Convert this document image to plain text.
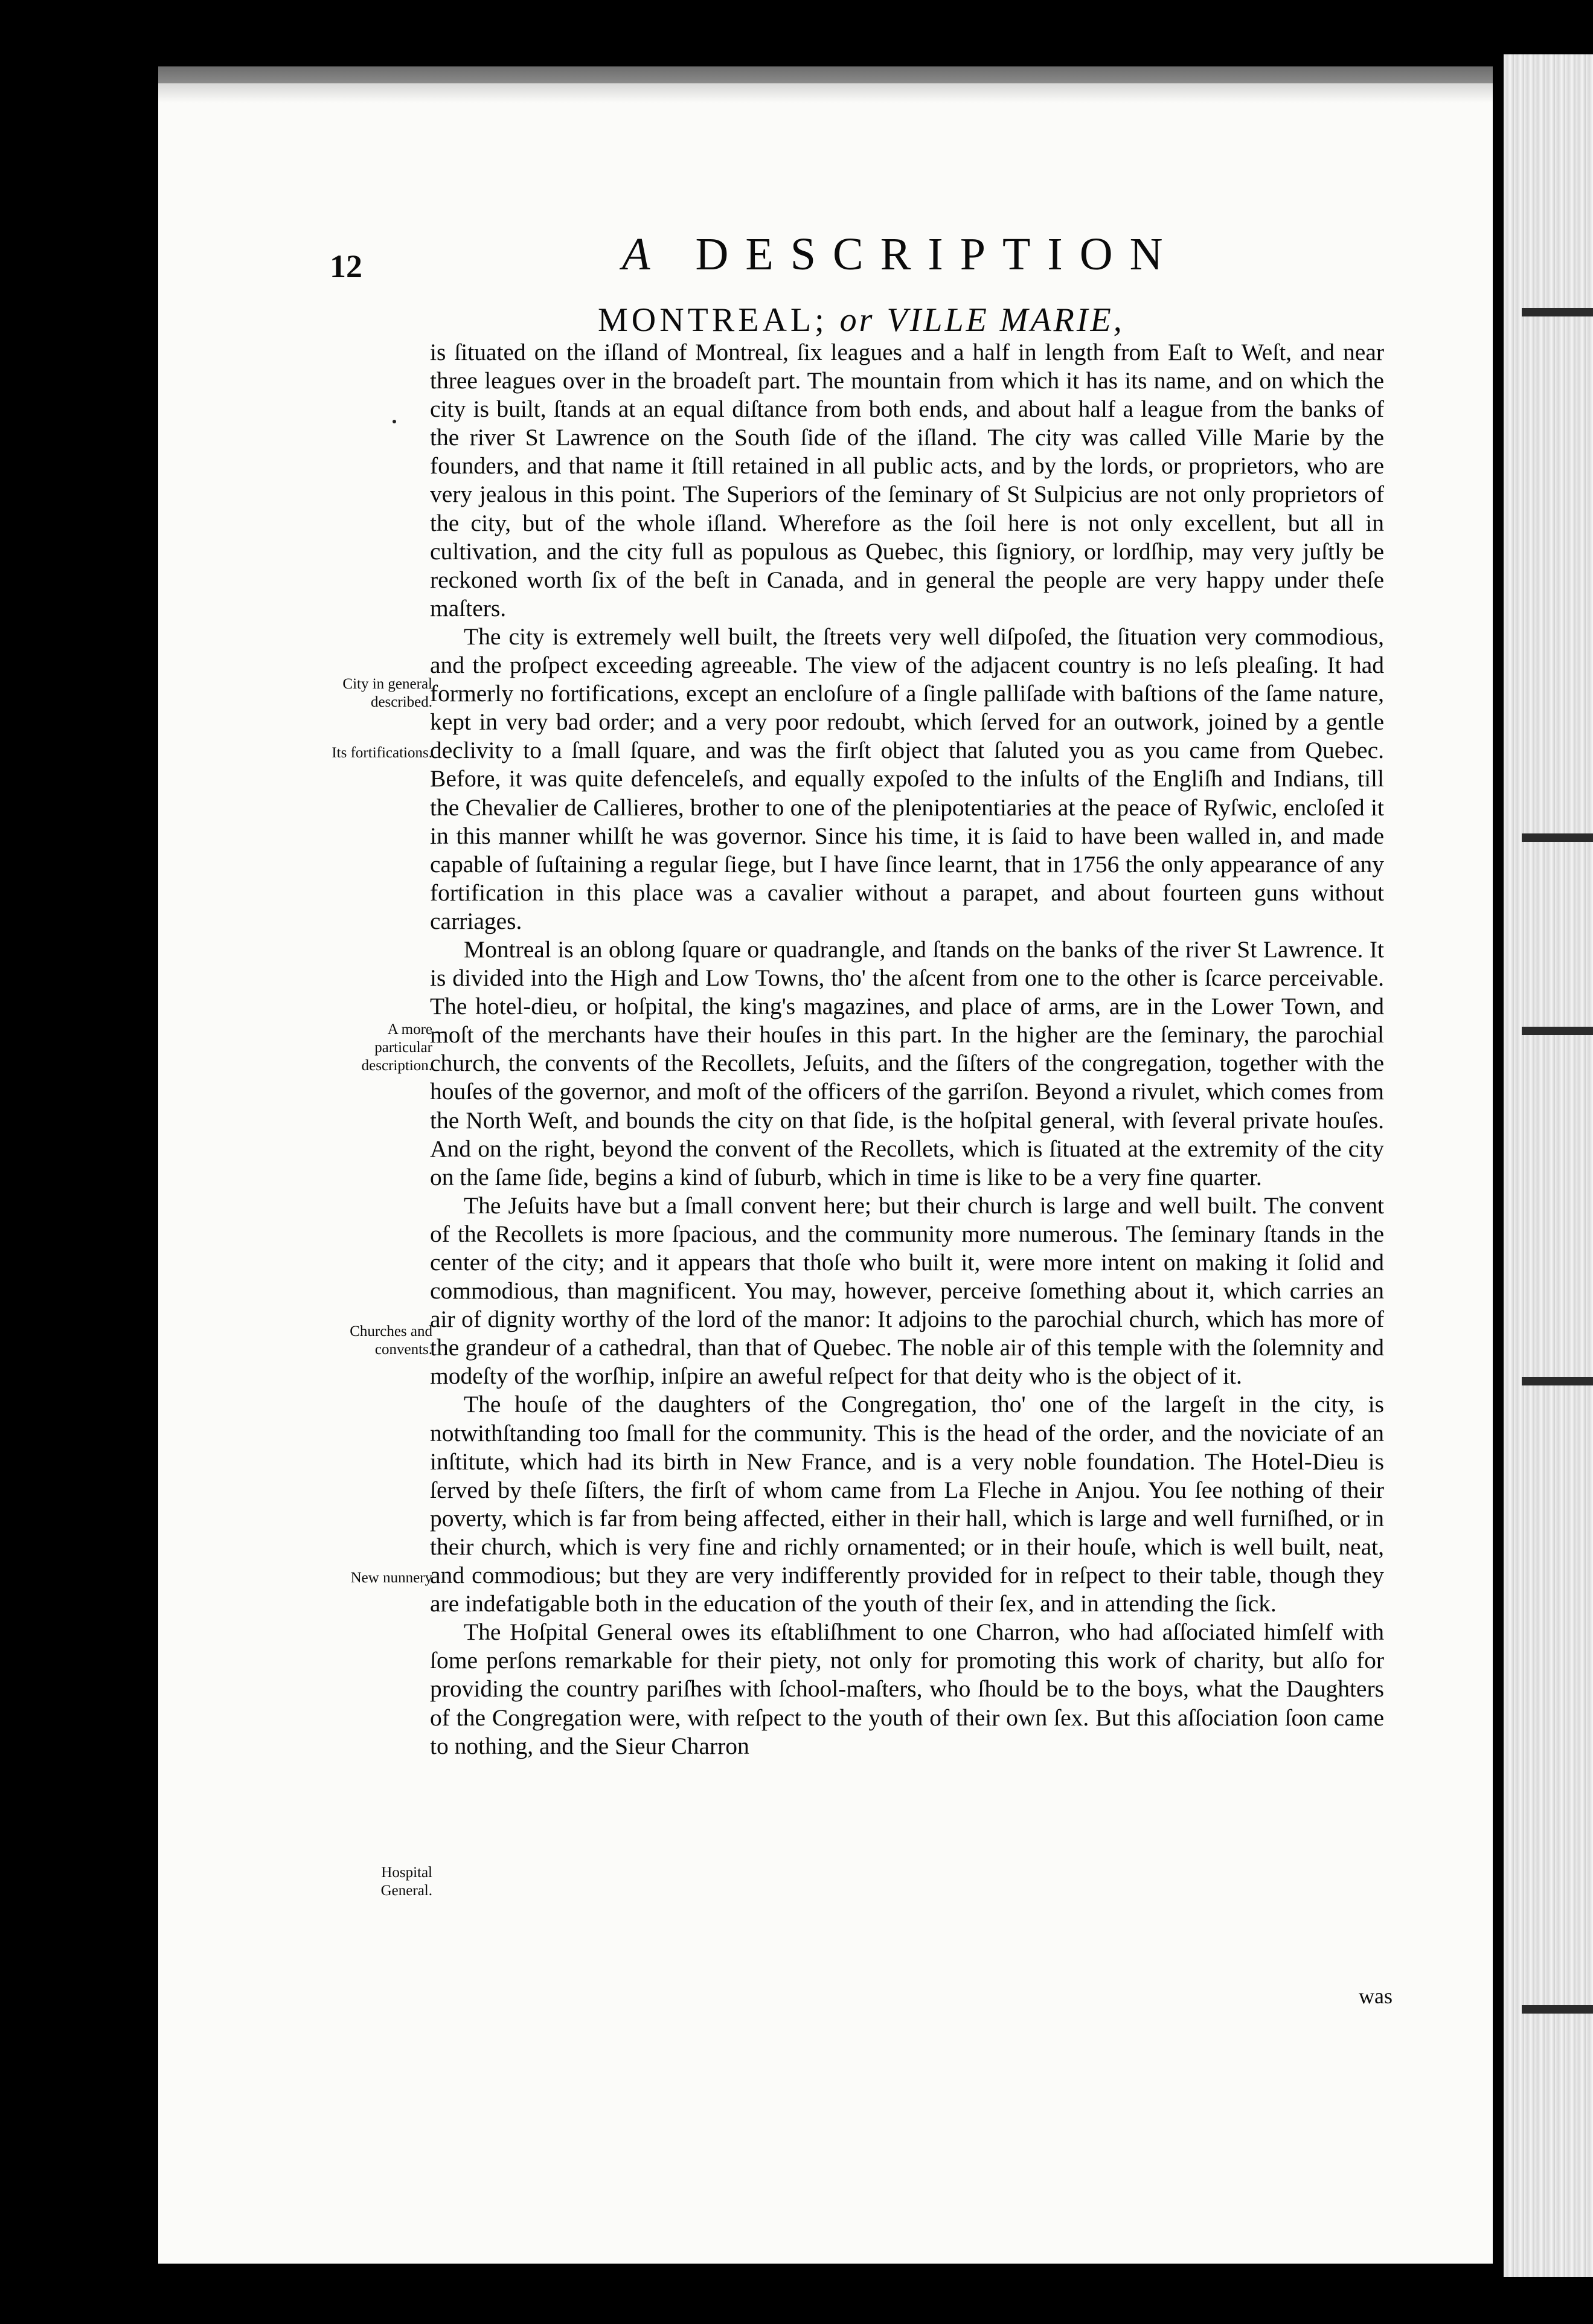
12	A DESCRIPTION
MONTREAL; or VILLE MARIE,
City in general described.
Its fortifications.
A more particular description.
Churches and convents.
New nunnery
Hospital General.

is ſituated on the iſland of Montreal, ſix leagues and a half in length from Eaſt to Weſt, and near three leagues over in the broadeſt part. The mountain from which it has its name, and on which the city is built, ſtands at an equal diſtance from both ends, and about half a league from the banks of the river St Lawrence on the South ſide of the iſland. The city was called Ville Marie by the founders, and that name it ſtill retained in all public acts, and by the lords, or proprietors, who are very jealous in this point. The Superiors of the ſeminary of St Sulpicius are not only proprietors of the city, but of the whole iſland. Wherefore as the ſoil here is not only excellent, but all in cultivation, and the city full as populous as Quebec, this ſigniory, or lordſhip, may very juſtly be reckoned worth ſix of the beſt in Canada, and in general the people are very happy under theſe maſters.

The city is extremely well built, the ſtreets very well diſpoſed, the ſituation very commodious, and the proſpect exceeding agreeable. The view of the adjacent country is no leſs pleaſing. It had formerly no fortifications, except an encloſure of a ſingle palliſade with baſtions of the ſame nature, kept in very bad order; and a very poor redoubt, which ſerved for an outwork, joined by a gentle declivity to a ſmall ſquare, and was the firſt object that ſaluted you as you came from Quebec. Before, it was quite defenceleſs, and equally expoſed to the inſults of the Engliſh and Indians, till the Chevalier de Callieres, brother to one of the plenipotentiaries at the peace of Ryſwic, encloſed it in this manner whilſt he was governor. Since his time, it is ſaid to have been walled in, and made capable of ſuſtaining a regular ſiege, but I have ſince learnt, that in 1756 the only appearance of any fortification in this place was a cavalier without a parapet, and about fourteen guns without carriages.

Montreal is an oblong ſquare or quadrangle, and ſtands on the banks of the river St Lawrence. It is divided into the High and Low Towns, tho' the aſcent from one to the other is ſcarce perceivable. The hotel-dieu, or hoſpital, the king's magazines, and place of arms, are in the Lower Town, and moſt of the merchants have their houſes in this part. In the higher are the ſeminary, the parochial church, the convents of the Recollets, Jeſuits, and the ſiſters of the congregation, together with the houſes of the governor, and moſt of the officers of the garriſon. Beyond a rivulet, which comes from the North Weſt, and bounds the city on that ſide, is the hoſpital general, with ſeveral private houſes. And on the right, beyond the convent of the Recollets, which is ſituated at the extremity of the city on the ſame ſide, begins a kind of ſuburb, which in time is like to be a very fine quarter.

The Jeſuits have but a ſmall convent here; but their church is large and well built. The convent of the Recollets is more ſpacious, and the community more numerous. The ſeminary ſtands in the center of the city; and it appears that thoſe who built it, were more intent on making it ſolid and commodious, than magnificent. You may, however, perceive ſomething about it, which carries an air of dignity worthy of the lord of the manor: It adjoins to the parochial church, which has more of the grandeur of a cathedral, than that of Quebec. The noble air of this temple with the ſolemnity and modeſty of the worſhip, inſpire an aweful reſpect for that deity who is the object of it.

The houſe of the daughters of the Congregation, tho' one of the largeſt in the city, is notwithſtanding too ſmall for the community. This is the head of the order, and the noviciate of an inſtitute, which had its birth in New France, and is a very noble foundation. The Hotel-Dieu is ſerved by theſe ſiſters, the firſt of whom came from La Fleche in Anjou. You ſee nothing of their poverty, which is far from being affected, either in their hall, which is large and well furniſhed, or in their church, which is very fine and richly ornamented; or in their houſe, which is well built, neat, and commodious; but they are very indifferently provided for in reſpect to their table, though they are indefatigable both in the education of the youth of their ſex, and in attending the ſick.

The Hoſpital General owes its eſtabliſhment to one Charron, who had aſſociated himſelf with ſome perſons remarkable for their piety, not only for promoting this work of charity, but alſo for providing the country pariſhes with ſchool-maſters, who ſhould be to the boys, what the Daughters of the Congregation were, with reſpect to the youth of their own ſex. But this aſſociation ſoon came to nothing, and the Sieur Charron

was
